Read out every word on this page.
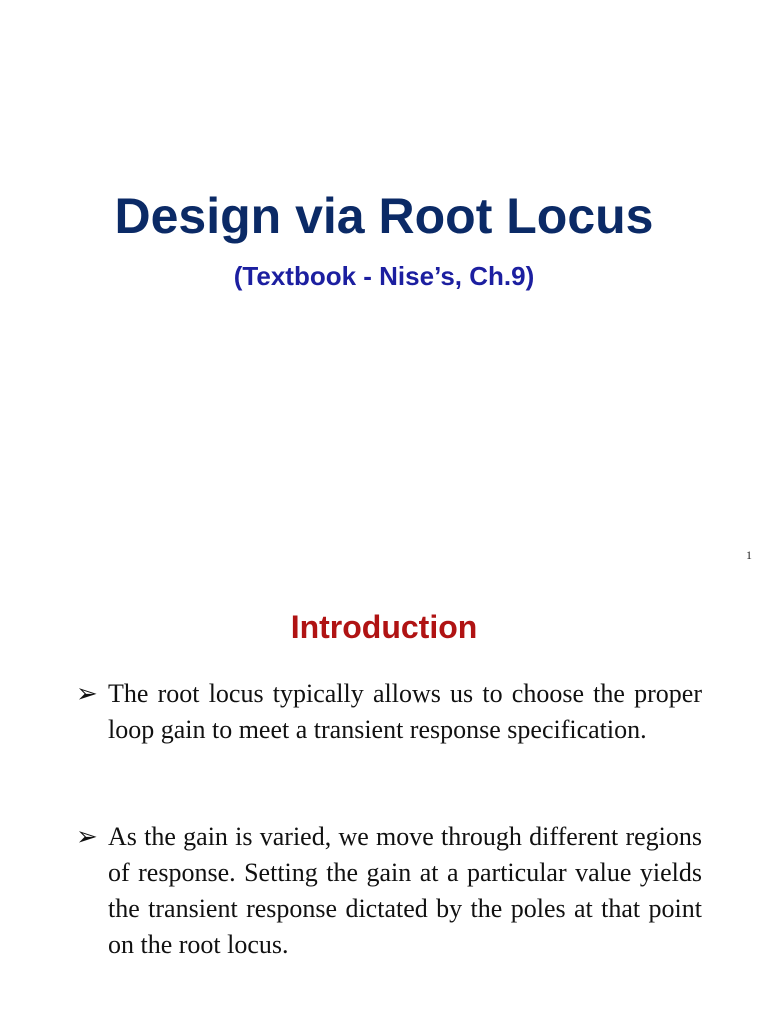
Design via Root Locus
(Textbook - Nise’s, Ch.9)
1
Introduction
➢ The root locus typically allows us to choose the proper loop gain to meet a transient response specification.
➢ As the gain is varied, we move through different regions of response. Setting the gain at a particular value yields the transient response dictated by the poles at that point on the root locus.
